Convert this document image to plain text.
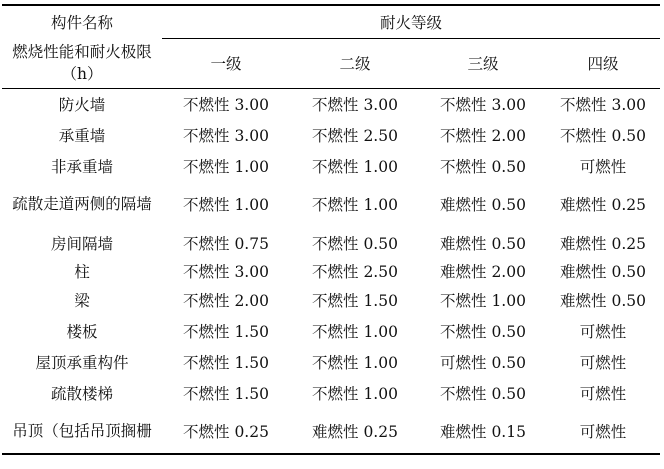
构件名称	耐火等级			
燃烧性能和耐火极限（h）	一级	二级	三级	四级
防火墙	不燃性 3.00	不燃性 3.00	不燃性 3.00	不燃性 3.00
承重墙	不燃性 3.00	不燃性 2.50	不燃性 2.00	不燃性 0.50
非承重墙	不燃性 1.00	不燃性 1.00	不燃性 0.50	可燃性
疏散走道两侧的隔墙	不燃性 1.00	不燃性 1.00	难燃性 0.50	难燃性 0.25
房间隔墙	不燃性 0.75	不燃性 0.50	难燃性 0.50	难燃性 0.25
柱	不燃性 3.00	不燃性 2.50	难燃性 2.00	难燃性 0.50
梁	不燃性 2.00	不燃性 1.50	不燃性 1.00	难燃性 0.50
楼板	不燃性 1.50	不燃性 1.00	不燃性 0.50	可燃性
屋顶承重构件	不燃性 1.50	不燃性 1.00	可燃性 0.50	可燃性
疏散楼梯	不燃性 1.50	不燃性 1.00	不燃性 0.50	可燃性
吊顶（包括吊顶搁栅	不燃性 0.25	难燃性 0.25	难燃性 0.15	可燃性
